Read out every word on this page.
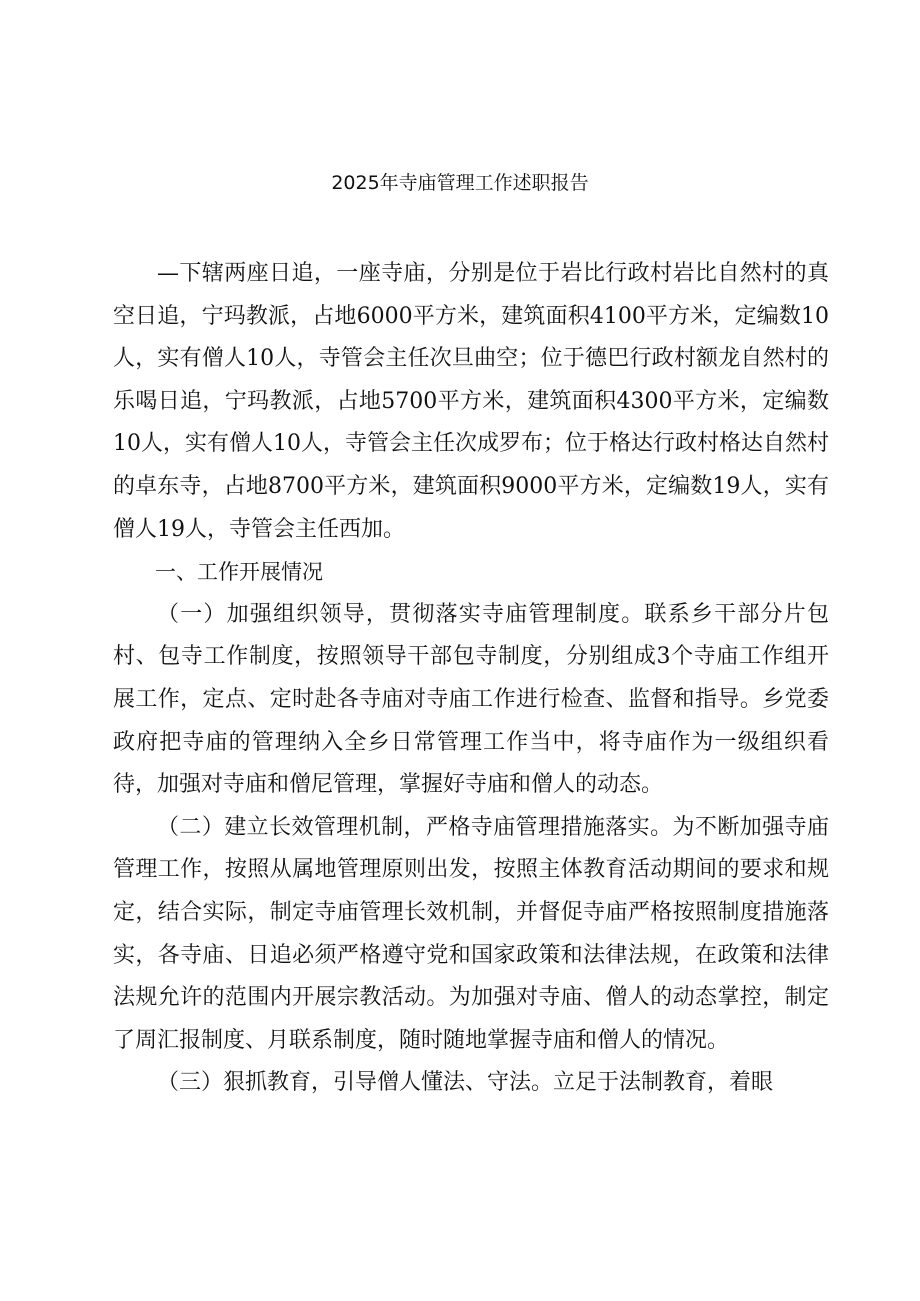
2025年寺庙管理工作述职报告

—下辖两座日追，一座寺庙，分别是位于岩比行政村岩比自然村的真空日追，宁玛教派，占地6000平方米，建筑面积4100平方米，定编数10人，实有僧人10人，寺管会主任次旦曲空；位于德巴行政村额龙自然村的乐喝日追，宁玛教派，占地5700平方米，建筑面积4300平方米，定编数10人，实有僧人10人，寺管会主任次成罗布；位于格达行政村格达自然村的卓东寺，占地8700平方米，建筑面积9000平方米，定编数19人，实有僧人19人，寺管会主任西加。

一、工作开展情况

（一）加强组织领导，贯彻落实寺庙管理制度。联系乡干部分片包村、包寺工作制度，按照领导干部包寺制度，分别组成3个寺庙工作组开展工作，定点、定时赴各寺庙对寺庙工作进行检查、监督和指导。乡党委政府把寺庙的管理纳入全乡日常管理工作当中，将寺庙作为一级组织看待，加强对寺庙和僧尼管理，掌握好寺庙和僧人的动态。

（二）建立长效管理机制，严格寺庙管理措施落实。为不断加强寺庙管理工作，按照从属地管理原则出发，按照主体教育活动期间的要求和规定，结合实际，制定寺庙管理长效机制，并督促寺庙严格按照制度措施落实，各寺庙、日追必须严格遵守党和国家政策和法律法规，在政策和法律法规允许的范围内开展宗教活动。为加强对寺庙、僧人的动态掌控，制定了周汇报制度、月联系制度，随时随地掌握寺庙和僧人的情况。

（三）狠抓教育，引导僧人懂法、守法。立足于法制教育，着眼
